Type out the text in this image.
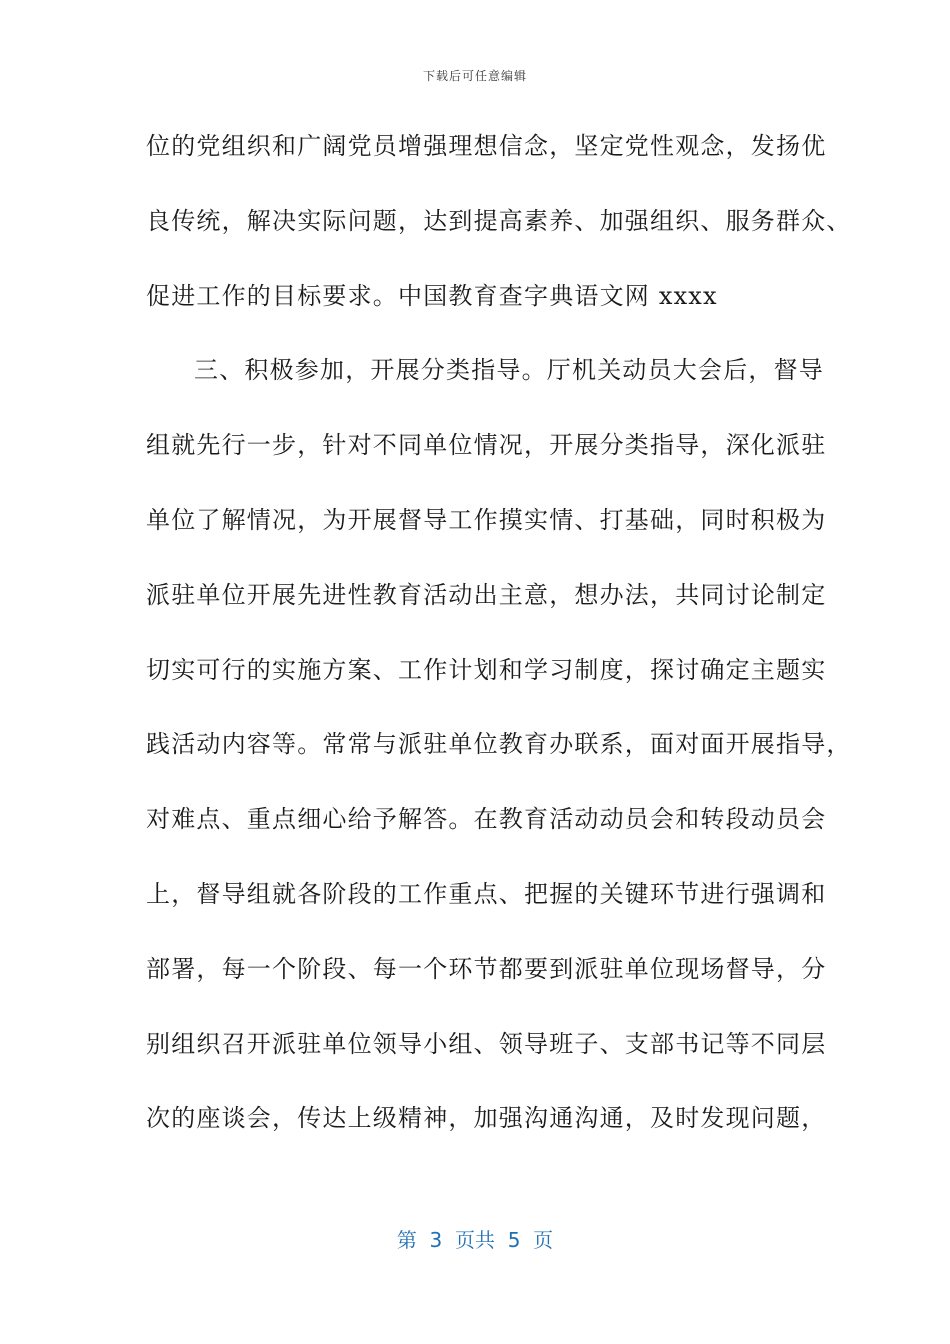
下载后可任意编辑
位的党组织和广阔党员增强理想信念，坚定党性观念，发扬优
良传统，解决实际问题，达到提高素养、加强组织、服务群众、
促进工作的目标要求。中国教育查字典语文网 xxxx
三、积极参加，开展分类指导。厅机关动员大会后，督导
组就先行一步，针对不同单位情况，开展分类指导，深化派驻
单位了解情况，为开展督导工作摸实情、打基础，同时积极为
派驻单位开展先进性教育活动出主意，想办法，共同讨论制定
切实可行的实施方案、工作计划和学习制度，探讨确定主题实
践活动内容等。常常与派驻单位教育办联系，面对面开展指导，
对难点、重点细心给予解答。在教育活动动员会和转段动员会
上，督导组就各阶段的工作重点、把握的关键环节进行强调和
部署，每一个阶段、每一个环节都要到派驻单位现场督导，分
别组织召开派驻单位领导小组、领导班子、支部书记等不同层
次的座谈会，传达上级精神，加强沟通沟通，及时发现问题，
第  3  页共  5  页
